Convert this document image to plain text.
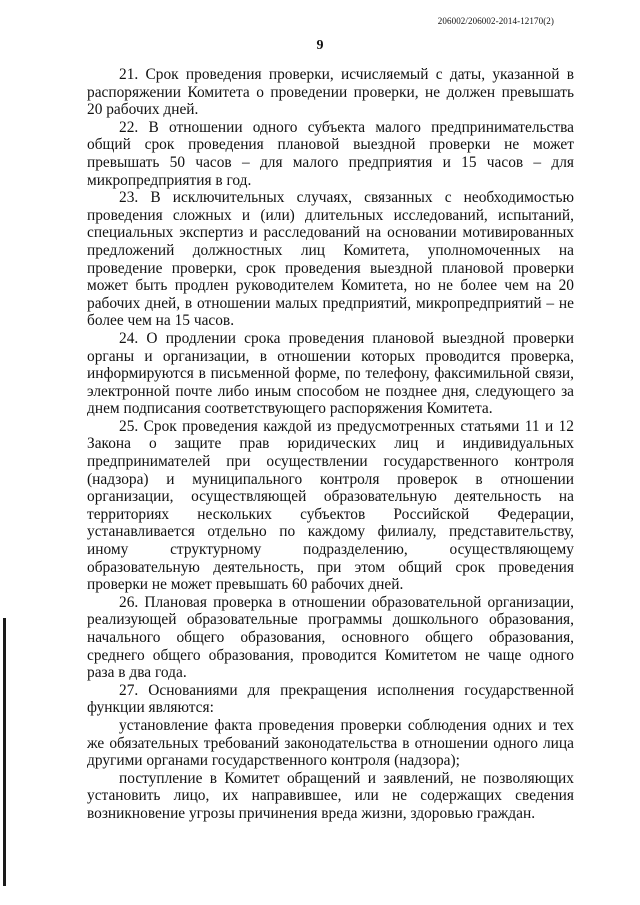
206002/206002-2014-12170(2)
9

21. Срок проведения проверки, исчисляемый с даты, указанной в распоряжении Комитета о проведении проверки, не должен превышать 20 рабочих дней.

22. В отношении одного субъекта малого предпринимательства общий срок проведения плановой выездной проверки не может превышать 50 часов – для малого предприятия и 15 часов – для микропредприятия в год.

23. В исключительных случаях, связанных с необходимостью проведения сложных и (или) длительных исследований, испытаний, специальных экспертиз и расследований на основании мотивированных предложений должностных лиц Комитета, уполномоченных на проведение проверки, срок проведения выездной плановой проверки может быть продлен руководителем Комитета, но не более чем на 20 рабочих дней, в отношении малых предприятий, микропредприятий – не более чем на 15 часов.

24. О продлении срока проведения плановой выездной проверки органы и организации, в отношении которых проводится проверка, информируются в письменной форме, по телефону, факсимильной связи, электронной почте либо иным способом не позднее дня, следующего за днем подписания соответствующего распоряжения Комитета.

25. Срок проведения каждой из предусмотренных статьями 11 и 12 Закона о защите прав юридических лиц и индивидуальных предпринимателей при осуществлении государственного контроля (надзора) и муниципального контроля проверок в отношении организации, осуществляющей образовательную деятельность на территориях нескольких субъектов Российской Федерации, устанавливается отдельно по каждому филиалу, представительству, иному структурному подразделению, осуществляющему образовательную деятельность, при этом общий срок проведения проверки не может превышать 60 рабочих дней.

26. Плановая проверка в отношении образовательной организации, реализующей образовательные программы дошкольного образования, начального общего образования, основного общего образования, среднего общего образования, проводится Комитетом не чаще одного раза в два года.

27. Основаниями для прекращения исполнения государственной функции являются:

установление факта проведения проверки соблюдения одних и тех же обязательных требований законодательства в отношении одного лица другими органами государственного контроля (надзора);

поступление в Комитет обращений и заявлений, не позволяющих установить лицо, их направившее, или не содержащих сведения возникновение угрозы причинения вреда жизни, здоровью граждан.
